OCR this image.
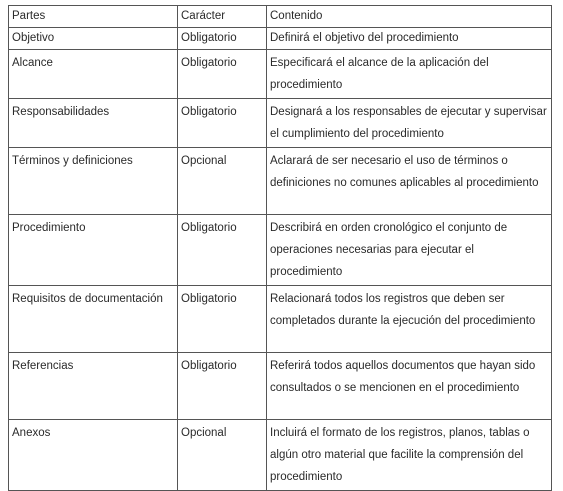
Partes	Carácter	Contenido
Objetivo	Obligatorio	Definirá el objetivo del procedimiento
Alcance	Obligatorio	Especificará el alcance de la aplicación del procedimiento
Responsabilidades	Obligatorio	Designará a los responsables de ejecutar y supervisar el cumplimiento del procedimiento
Términos y definiciones	Opcional	Aclarará de ser necesario el uso de términos o definiciones no comunes aplicables al procedimiento
Procedimiento	Obligatorio	Describirá en orden cronológico el conjunto de operaciones necesarias para ejecutar el procedimiento
Requisitos de documentación	Obligatorio	Relacionará todos los registros que deben ser completados durante la ejecución del procedimiento
Referencias	Obligatorio	Referirá todos aquellos documentos que hayan sido consultados o se mencionen en el procedimiento
Anexos	Opcional	Incluirá el formato de los registros, planos, tablas o algún otro material que facilite la comprensión del procedimiento
